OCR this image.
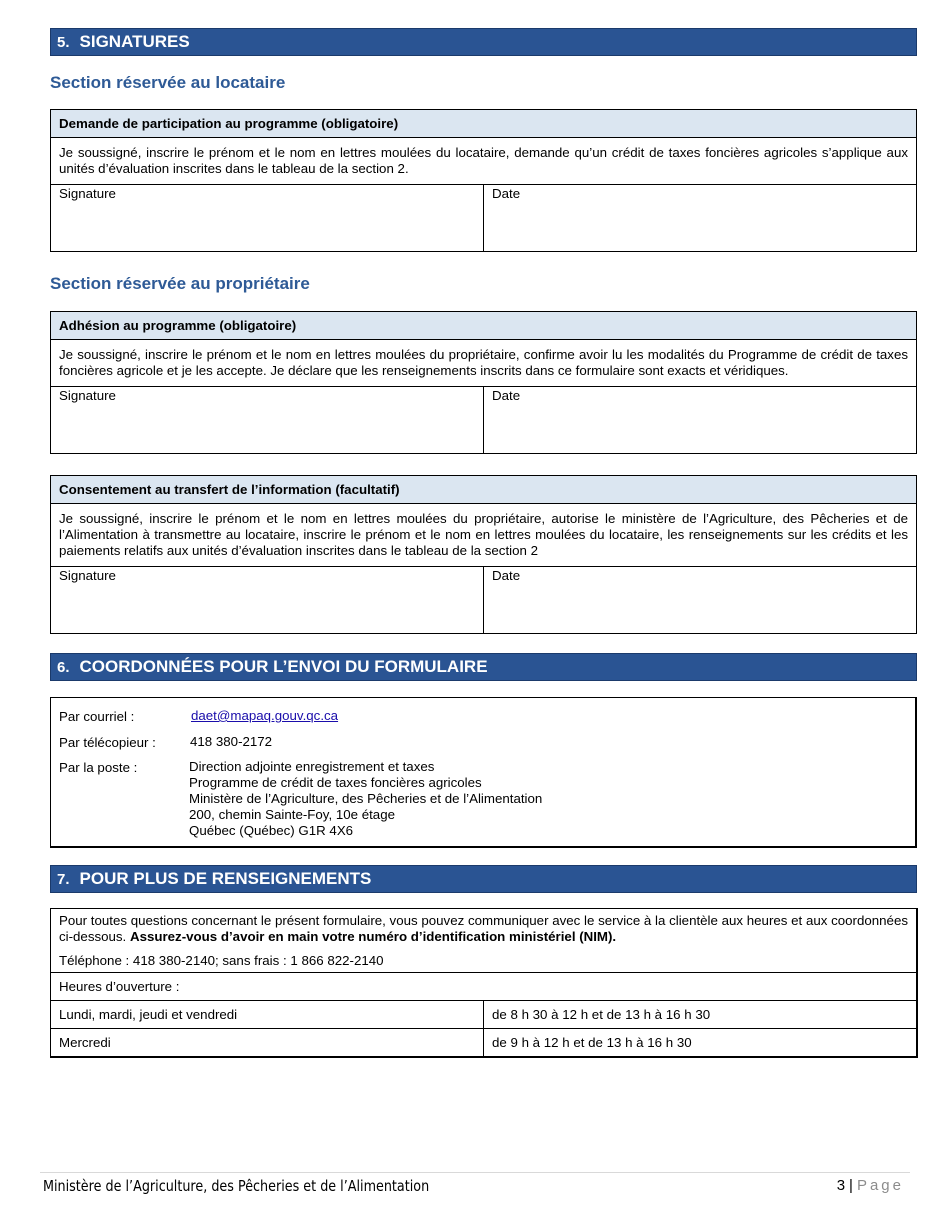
5. SIGNATURES
Section réservée au locataire
Demande de participation au programme (obligatoire)
Je soussigné, inscrire le prénom et le nom en lettres moulées du locataire, demande qu’un crédit de taxes foncières agricoles s’applique aux unités d’évaluation inscrites dans le tableau de la section 2.
Signature	Date
Section réservée au propriétaire
Adhésion au programme (obligatoire)
Je soussigné, inscrire le prénom et le nom en lettres moulées du propriétaire, confirme avoir lu les modalités du Programme de crédit de taxes foncières agricole et je les accepte. Je déclare que les renseignements inscrits dans ce formulaire sont exacts et véridiques.
Signature	Date
Consentement au transfert de l’information (facultatif)
Je soussigné, inscrire le prénom et le nom en lettres moulées du propriétaire, autorise le ministère de l’Agriculture, des Pêcheries et de l’Alimentation à transmettre au locataire, inscrire le prénom et le nom en lettres moulées du locataire, les renseignements sur les crédits et les paiements relatifs aux unités d’évaluation inscrites dans le tableau de la section 2
Signature	Date
6. COORDONNÉES POUR L’ENVOI DU FORMULAIRE
Par courriel :	daet@mapaq.gouv.qc.ca
Par télécopieur :	418 380-2172
Par la poste :	Direction adjointe enregistrement et taxes
Programme de crédit de taxes foncières agricoles
Ministère de l’Agriculture, des Pêcheries et de l’Alimentation
200, chemin Sainte-Foy, 10e étage
Québec (Québec) G1R 4X6
7. POUR PLUS DE RENSEIGNEMENTS
Pour toutes questions concernant le présent formulaire, vous pouvez communiquer avec le service à la clientèle aux heures et aux coordonnées ci-dessous. Assurez-vous d’avoir en main votre numéro d’identification ministériel (NIM).
Téléphone : 418 380-2140; sans frais : 1 866 822-2140	

Heures d’ouverture :	
Lundi, mardi, jeudi et vendredi	de 8 h 30 à 12 h et de 13 h à 16 h 30
Mercredi	de 9 h à 12 h et de 13 h à 16 h 30
Ministère de l’Agriculture, des Pêcheries et de l’Alimentation	3 | Page
